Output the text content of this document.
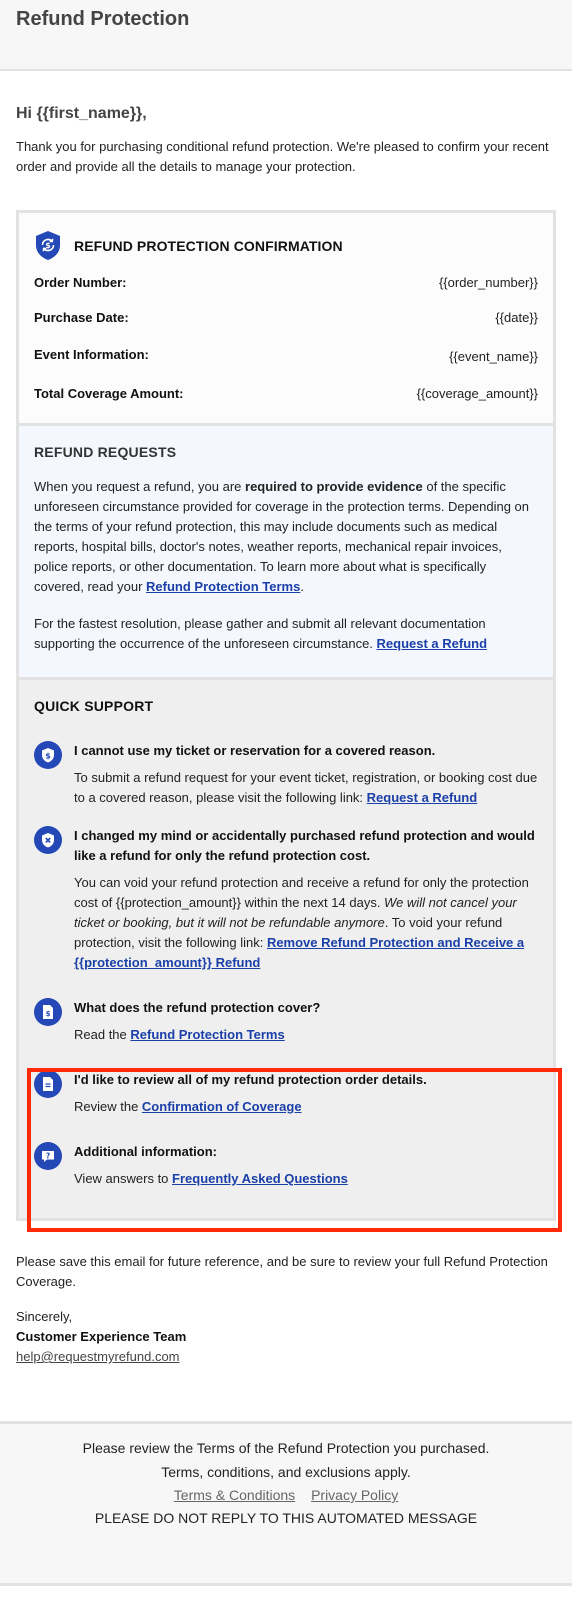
Refund Protection

Hi {{first_name}},

Thank you for purchasing conditional refund protection. We're pleased to confirm your recent order and provide all the details to manage your protection.

$ REFUND PROTECTION CONFIRMATION
Order Number:	{{order_number}}
Purchase Date:	{{date}}
Event Information:	{{event_name}}
Total Coverage Amount:	{{coverage_amount}}
REFUND REQUESTS

When you request a refund, you are required to provide evidence of the specific unforeseen circumstance provided for coverage in the protection terms. Depending on the terms of your refund protection, this may include documents such as medical reports, hospital bills, doctor's notes, weather reports, mechanical repair invoices, police reports, or other documentation. To learn more about what is specifically covered, read your Refund Protection Terms.

For the fastest resolution, please gather and submit all relevant documentation supporting the occurrence of the unforeseen circumstance. Request a Refund

QUICK SUPPORT
$ I cannot use my ticket or reservation for a covered reason.
To submit a refund request for your event ticket, registration, or booking cost due to a covered reason, please visit the following link: Request a Refund
I changed my mind or accidentally purchased refund protection and would like a refund for only the refund protection cost.
You can void your refund protection and receive a refund for only the protection cost of {{protection_amount}} within the next 14 days. We will not cancel your ticket or booking, but it will not be refundable anymore. To void your refund protection, visit the following link: Remove Refund Protection and Receive a {{protection_amount}} Refund
$ What does the refund protection cover?
Read the Refund Protection Terms
I'd like to review all of my refund protection order details.
Review the Confirmation of Coverage
? Additional information:
View answers to Frequently Asked Questions
Please save this email for future reference, and be sure to review your full Refund Protection Coverage.
Sincerely,
Customer Experience Team
help@requestmyrefund.com
Please review the Terms of the Refund Protection you purchased.
Terms, conditions, and exclusions apply.
Terms & Conditions Privacy Policy
PLEASE DO NOT REPLY TO THIS AUTOMATED MESSAGE
